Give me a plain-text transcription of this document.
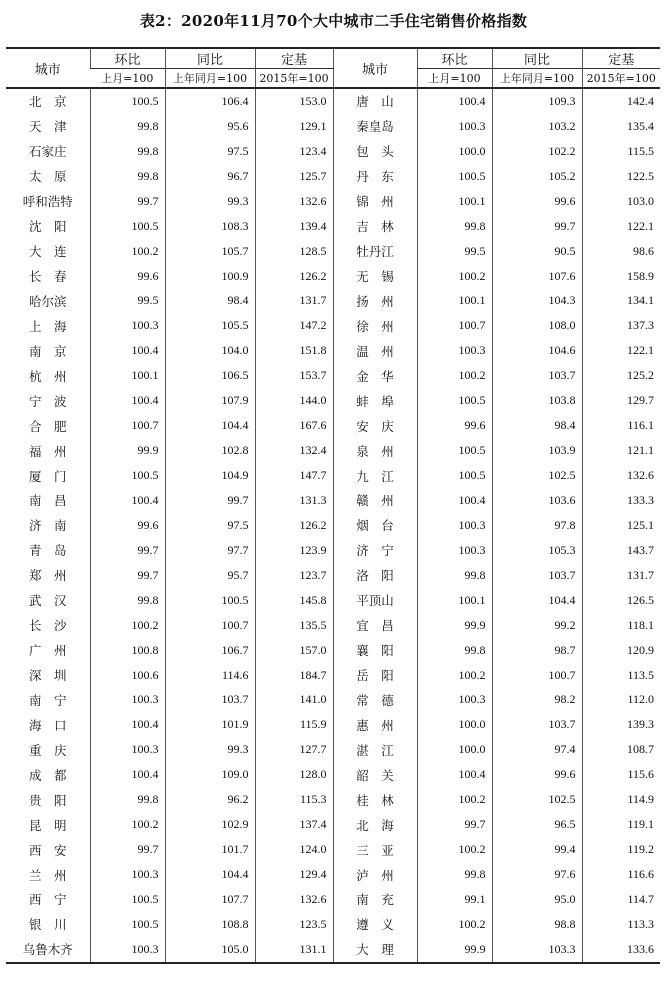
表2：2020年11月70个大中城市二手住宅销售价格指数
城市	环比	同比	定基	城市	环比	同比	定基
	上月=100	上年同月=100	2015年=100		上月=100	上年同月=100	2015年=100
北　京	100.5	106.4	153.0	唐　山	100.4	109.3	142.4
天　津	99.8	95.6	129.1	秦皇岛	100.3	103.2	135.4
石家庄	99.8	97.5	123.4	包　头	100.0	102.2	115.5
太　原	99.8	96.7	125.7	丹　东	100.5	105.2	122.5
呼和浩特	99.7	99.3	132.6	锦　州	100.1	99.6	103.0
沈　阳	100.5	108.3	139.4	吉　林	99.8	99.7	122.1
大　连	100.2	105.7	128.5	牡丹江	99.5	90.5	98.6
长　春	99.6	100.9	126.2	无　锡	100.2	107.6	158.9
哈尔滨	99.5	98.4	131.7	扬　州	100.1	104.3	134.1
上　海	100.3	105.5	147.2	徐　州	100.7	108.0	137.3
南　京	100.4	104.0	151.8	温　州	100.3	104.6	122.1
杭　州	100.1	106.5	153.7	金　华	100.2	103.7	125.2
宁　波	100.4	107.9	144.0	蚌　埠	100.5	103.8	129.7
合　肥	100.7	104.4	167.6	安　庆	99.6	98.4	116.1
福　州	99.9	102.8	132.4	泉　州	100.5	103.9	121.1
厦　门	100.5	104.9	147.7	九　江	100.5	102.5	132.6
南　昌	100.4	99.7	131.3	赣　州	100.4	103.6	133.3
济　南	99.6	97.5	126.2	烟　台	100.3	97.8	125.1
青　岛	99.7	97.7	123.9	济　宁	100.3	105.3	143.7
郑　州	99.7	95.7	123.7	洛　阳	99.8	103.7	131.7
武　汉	99.8	100.5	145.8	平顶山	100.1	104.4	126.5
长　沙	100.2	100.7	135.5	宜　昌	99.9	99.2	118.1
广　州	100.8	106.7	157.0	襄　阳	99.8	98.7	120.9
深　圳	100.6	114.6	184.7	岳　阳	100.2	100.7	113.5
南　宁	100.3	103.7	141.0	常　德	100.3	98.2	112.0
海　口	100.4	101.9	115.9	惠　州	100.0	103.7	139.3
重　庆	100.3	99.3	127.7	湛　江	100.0	97.4	108.7
成　都	100.4	109.0	128.0	韶　关	100.4	99.6	115.6
贵　阳	99.8	96.2	115.3	桂　林	100.2	102.5	114.9
昆　明	100.2	102.9	137.4	北　海	99.7	96.5	119.1
西　安	99.7	101.7	124.0	三　亚	100.2	99.4	119.2
兰　州	100.3	104.4	129.4	泸　州	99.8	97.6	116.6
西　宁	100.5	107.7	132.6	南　充	99.1	95.0	114.7
银　川	100.5	108.8	123.5	遵　义	100.2	98.8	113.3
乌鲁木齐	100.3	105.0	131.1	大　理	99.9	103.3	133.6
